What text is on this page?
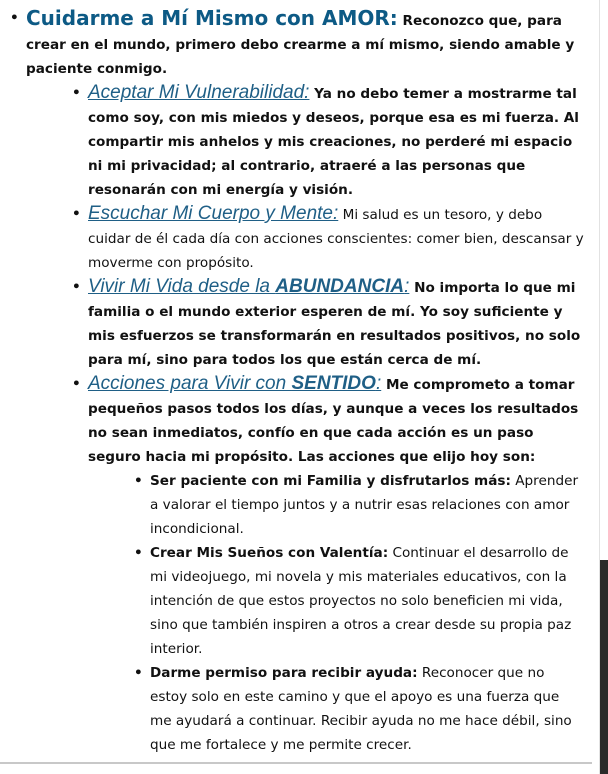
• Cuidarme a Mí Mismo con AMOR: Reconozco que, para crear en el mundo, primero debo crearme a mí mismo, siendo amable y paciente conmigo.
• Aceptar Mi Vulnerabilidad: Ya no debo temer a mostrarme tal como soy, con mis miedos y deseos, porque esa es mi fuerza. Al compartir mis anhelos y mis creaciones, no perderé mi espacio ni mi privacidad; al contrario, atraeré a las personas que resonarán con mi energía y visión.
• Escuchar Mi Cuerpo y Mente: Mi salud es un tesoro, y debo cuidar de él cada día con acciones conscientes: comer bien, descansar y moverme con propósito.
• Vivir Mi Vida desde la ABUNDANCIA: No importa lo que mi familia o el mundo exterior esperen de mí. Yo soy suficiente y mis esfuerzos se transformarán en resultados positivos, no solo para mí, sino para todos los que están cerca de mí.
• Acciones para Vivir con SENTIDO: Me comprometo a tomar pequeños pasos todos los días, y aunque a veces los resultados no sean inmediatos, confío en que cada acción es un paso seguro hacia mi propósito. Las acciones que elijo hoy son:
• Ser paciente con mi Familia y disfrutarlos más: Aprender a valorar el tiempo juntos y a nutrir esas relaciones con amor incondicional.
• Crear Mis Sueños con Valentía: Continuar el desarrollo de mi videojuego, mi novela y mis materiales educativos, con la intención de que estos proyectos no solo beneficien mi vida, sino que también inspiren a otros a crear desde su propia paz interior.
• Darme permiso para recibir ayuda: Reconocer que no estoy solo en este camino y que el apoyo es una fuerza que me ayudará a continuar. Recibir ayuda no me hace débil, sino que me fortalece y me permite crecer.
